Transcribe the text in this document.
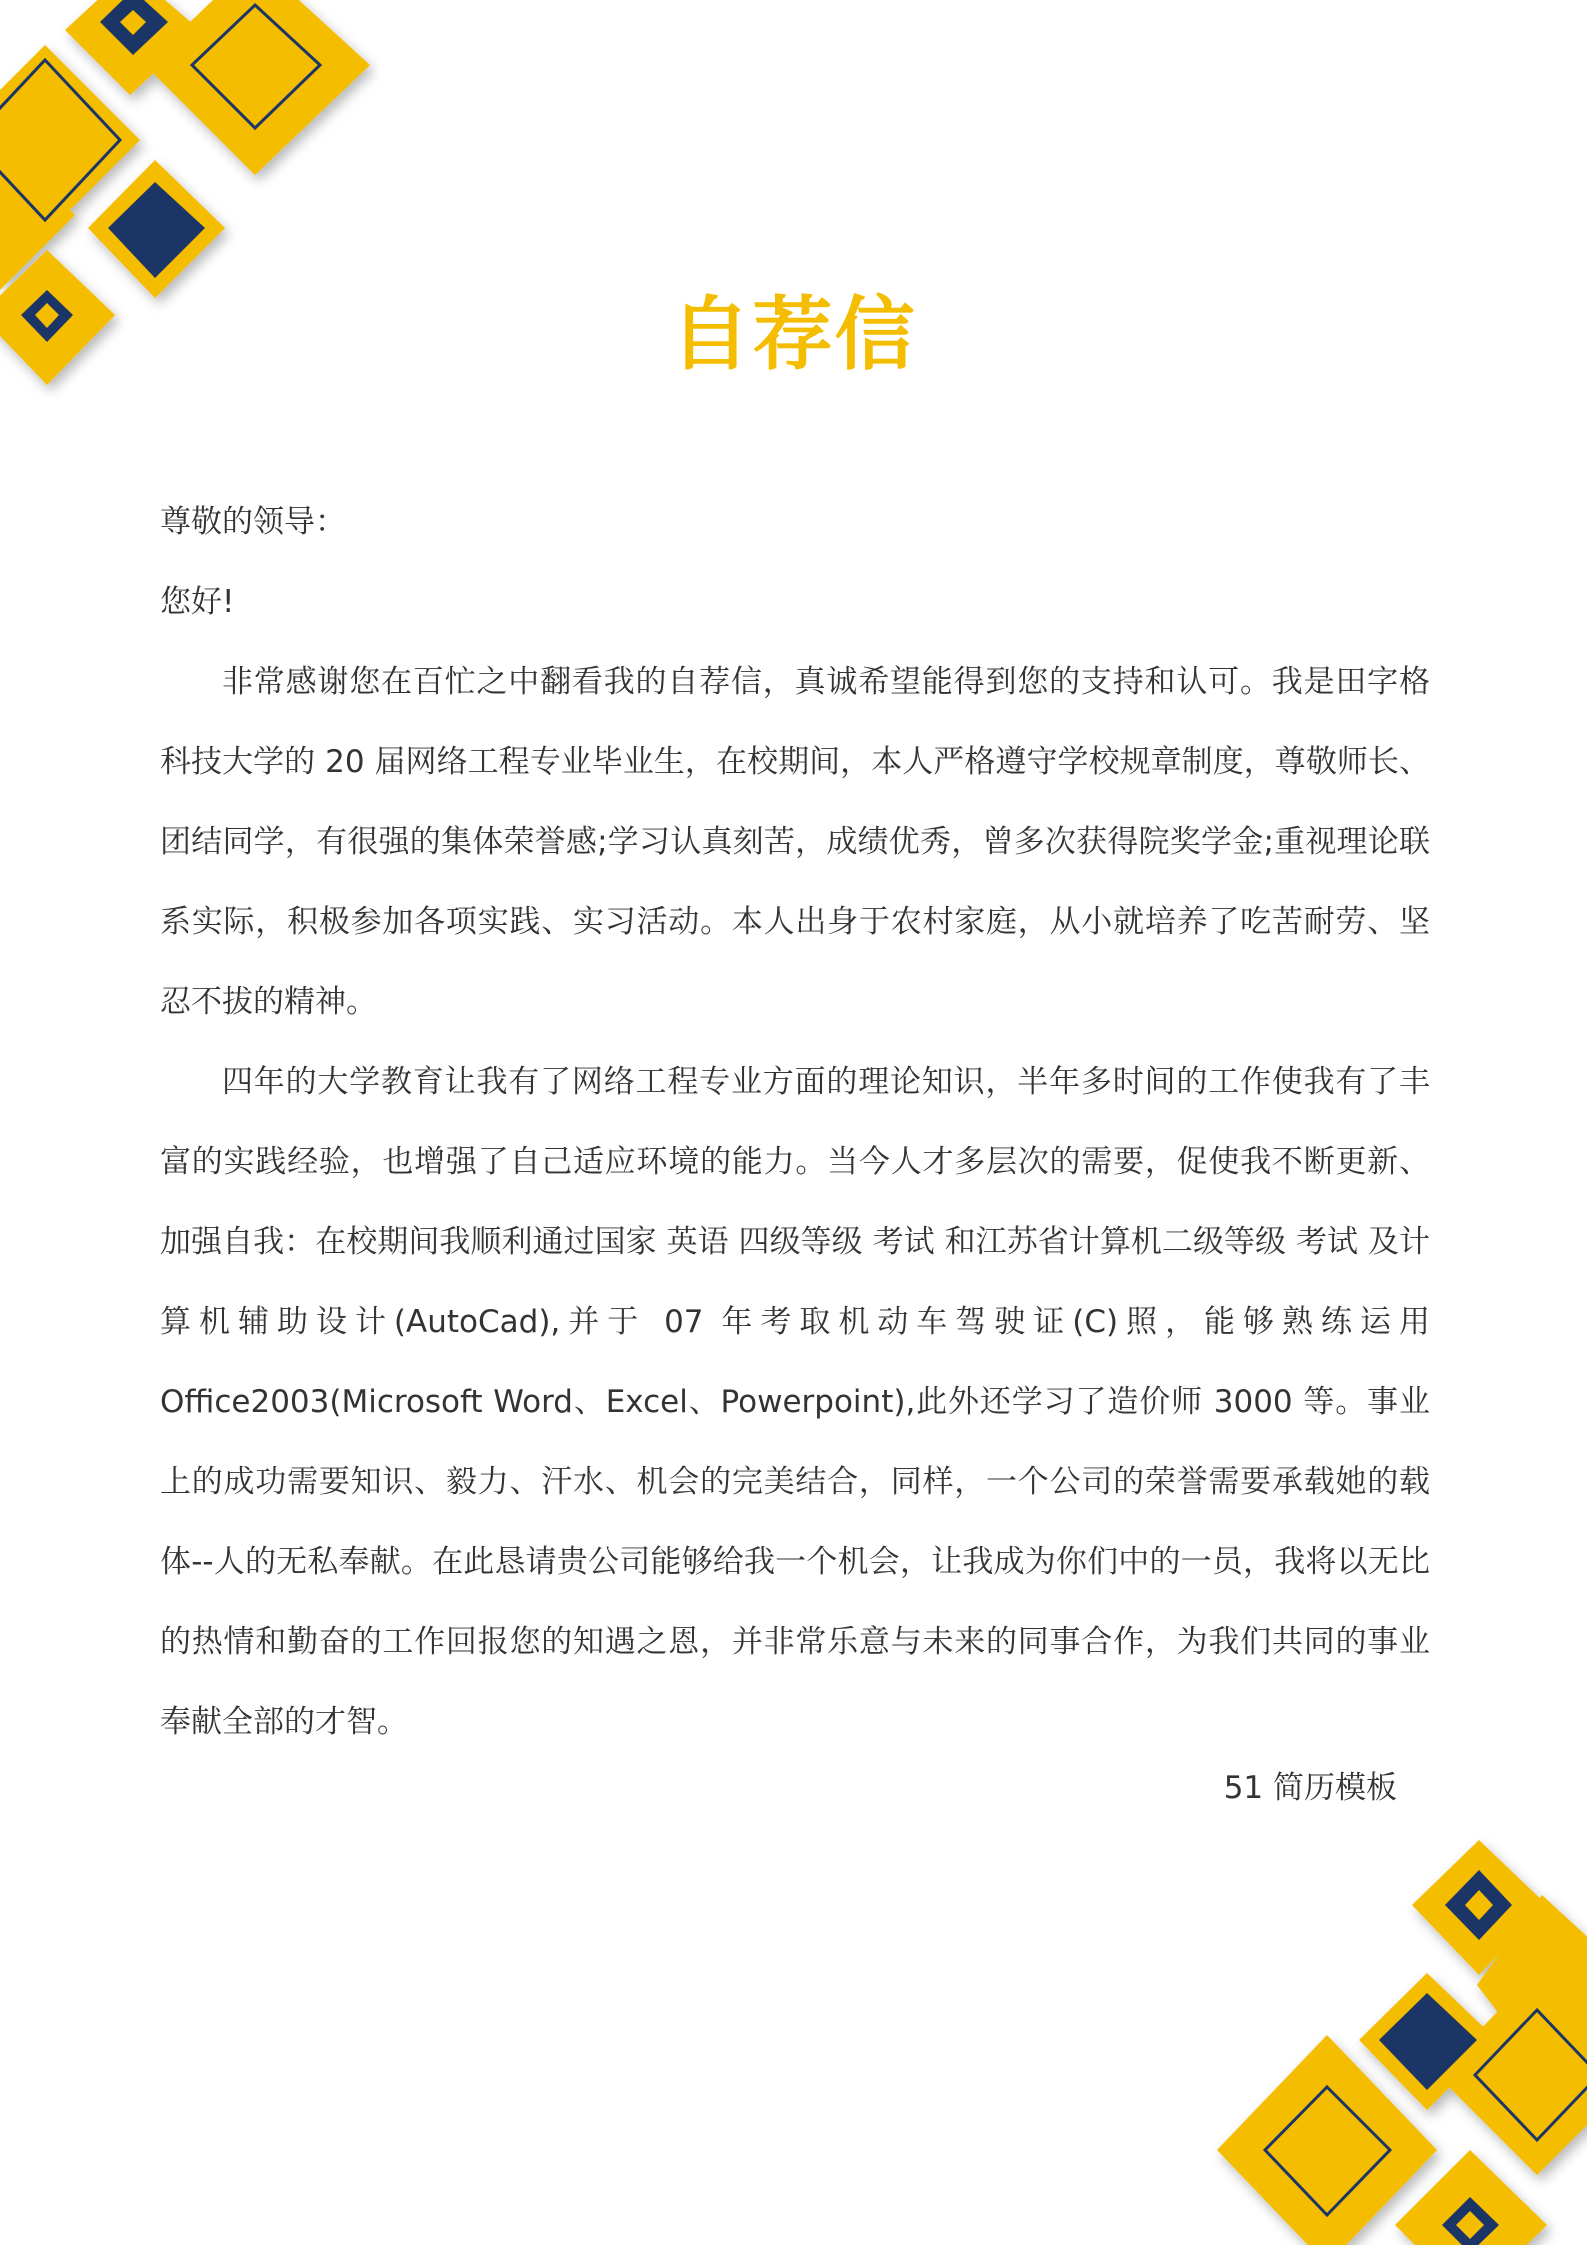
自荐信

尊敬的领导：

您好!

非常感谢您在百忙之中翻看我的自荐信，真诚希望能得到您的支持和认可。我是田字格科技大学的 20 届网络工程专业毕业生，在校期间，本人严格遵守学校规章制度，尊敬师长、团结同学，有很强的集体荣誉感;学习认真刻苦，成绩优秀，曾多次获得院奖学金;重视理论联系实际，积极参加各项实践、实习活动。本人出身于农村家庭，从小就培养了吃苦耐劳、坚忍不拔的精神。

四年的大学教育让我有了网络工程专业方面的理论知识，半年多时间的工作使我有了丰富的实践经验，也增强了自己适应环境的能力。当今人才多层次的需要，促使我不断更新、加强自我：在校期间我顺利通过国家 英语 四级等级 考试 和江苏省计算机二级等级 考试 及计算机辅助设计(AutoCad),并于 07 年考取机动车驾驶证(C)照，能够熟练运用 Office2003(Microsoft Word、Excel、Powerpoint),此外还学习了造价师 3000 等。事业上的成功需要知识、毅力、汗水、机会的完美结合，同样，一个公司的荣誉需要承载她的载体--人的无私奉献。在此恳请贵公司能够给我一个机会，让我成为你们中的一员，我将以无比的热情和勤奋的工作回报您的知遇之恩，并非常乐意与未来的同事合作，为我们共同的事业奉献全部的才智。

51 简历模板
